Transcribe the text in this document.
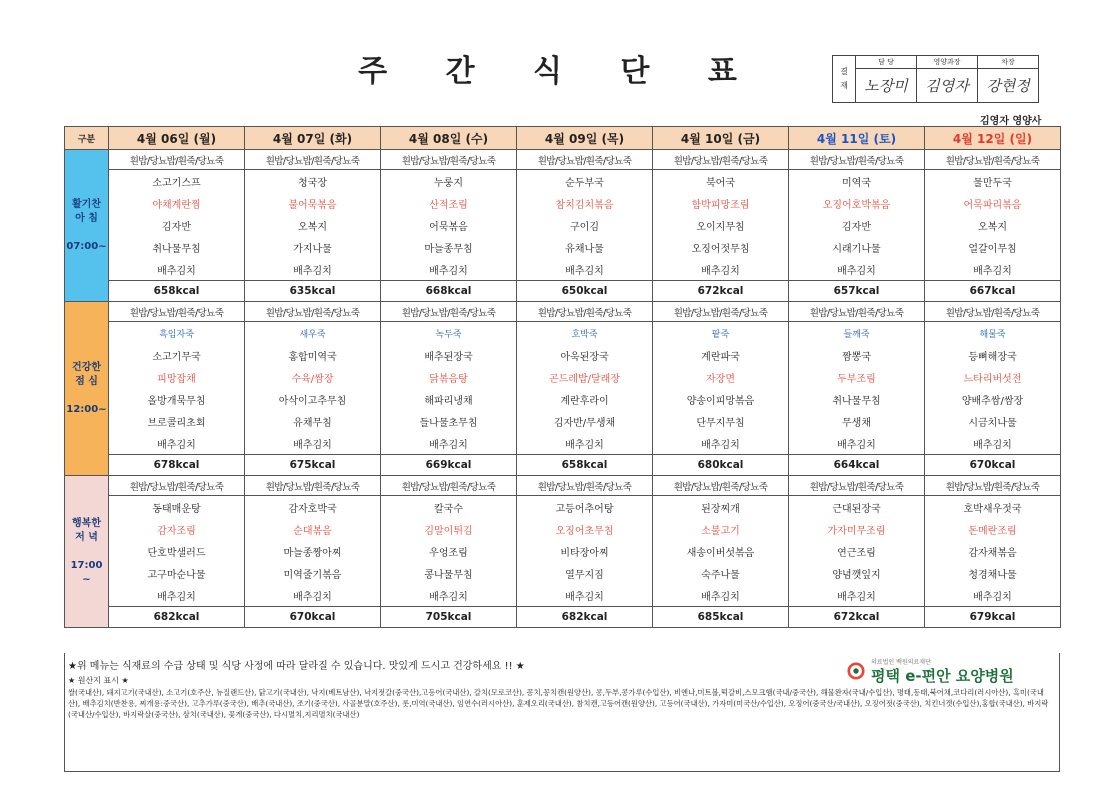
주 간 식 단 표	결
재	담 당	영양과장	차장
	노장미	김영자	강현정
김영자 영양사
구분	4월 06일 (월)	4월 07일 (화)	4월 08일 (수)	4월 09일 (목)	4월 10일 (금)	4월 11일 (토)	4월 12일 (일)

활기찬
아 침
07:00~	흰밥/당뇨밥/흰죽/당뇨죽	흰밥/당뇨밥/흰죽/당뇨죽	흰밥/당뇨밥/흰죽/당뇨죽	흰밥/당뇨밥/흰죽/당뇨죽	흰밥/당뇨밥/흰죽/당뇨죽	흰밥/당뇨밥/흰죽/당뇨죽	흰밥/당뇨밥/흰죽/당뇨죽
	소고기스프	청국장	누룽지	순두부국	북어국	미역국	물만두국
	야채계란찜	불어묵볶음	산적조림	참치김치볶음	함박피망조림	오징어호박볶음	어묵파리볶음
	김자반	오복지	어묵볶음	구이김	오이지무침	김자반	오복지
	취나물무침	가지나물	마늘종무침	유채나물	오징어젓무침	시래기나물	얼갈이무침
	배추김치	배추김치	배추김치	배추김치	배추김치	배추김치	배추김치
	658kcal	635kcal	668kcal	650kcal	672kcal	657kcal	667kcal

건강한
점 심
12:00~	흰밥/당뇨밥/흰죽/당뇨죽	흰밥/당뇨밥/흰죽/당뇨죽	흰밥/당뇨밥/흰죽/당뇨죽	흰밥/당뇨밥/흰죽/당뇨죽	흰밥/당뇨밥/흰죽/당뇨죽	흰밥/당뇨밥/흰죽/당뇨죽	흰밥/당뇨밥/흰죽/당뇨죽
	흑임자죽	새우죽	녹두죽	호박죽	팥죽	들깨죽	해물죽
	소고기무국	홍합미역국	배추된장국	아욱된장국	계란파국	짬뽕국	등뼈해장국
	피망잡채	수육/쌈장	닭볶음탕	곤드레밥/달래장	자장면	두부조림	느타리버섯전
	올방개묵무침	아삭이고추무침	해파리냉채	계란후라이	양송이피망볶음	취나물무침	양배추쌈/쌈장
	브로콜리초회	유채무침	들나물초무침	김자반/무생채	단무지무침	무생채	시금치나물
	배추김치	배추김치	배추김치	배추김치	배추김치	배추김치	배추김치
	678kcal	675kcal	669kcal	658kcal	680kcal	664kcal	670kcal

행복한
저 녁
17:00
~	흰밥/당뇨밥/흰죽/당뇨죽	흰밥/당뇨밥/흰죽/당뇨죽	흰밥/당뇨밥/흰죽/당뇨죽	흰밥/당뇨밥/흰죽/당뇨죽	흰밥/당뇨밥/흰죽/당뇨죽	흰밥/당뇨밥/흰죽/당뇨죽	흰밥/당뇨밥/흰죽/당뇨죽
	동태매운탕	감자호박국	칼국수	고등어추어탕	된장찌개	근대된장국	호박새우젓국
	감자조림	순대볶음	김말이튀김	오징어초무침	소불고기	가자미무조림	돈메란조림
	단호박샐러드	마늘종짱아찌	우엉조림	비타장아찌	새송이버섯볶음	연근조림	감자채볶음
	고구마순나물	미역줄기볶음	콩나물무침	열무지짐	숙주나물	양념깻잎지	청경채나물
	배추김치	배추김치	배추김치	배추김치	배추김치	배추김치	배추김치
	682kcal	670kcal	705kcal	682kcal	685kcal	672kcal	679kcal
★위 메뉴는 식재료의 수급 상태 및 식당 사정에 따라 달라질 수 있습니다. 맛있게 드시고 건강하세요 !! ★
★ 원산지 표시 ★
쌀(국내산), 돼지고기(국내산), 소고기(호주산, 뉴질랜드산), 닭고기(국내산), 낙지(베트남산), 낙지젓갈(중국산),고등어(국내산), 갈치(모로코산), 꽁치,꽁치캔(원양산), 콩,두부,콩가루(수입산), 비엔나,미트볼,떡갈비,스모크햄(국내/중국산), 해물완자(국내/수입산), 명태,동태,북어채,코다리(러시아산), 흑미(국내산), 배추김치(반찬용, 찌개용:중국산), 고추가루(중국산), 배추(국내산), 조기(중국산), 사골분말(호주산), 롯,미역(국내산), 임연수(러시아산), 훈제오리(국내산), 참치캔,고등어캔(원양산), 고등어(국내산), 가자미(미국산/수입산), 오징어(중국산/국내산), 오징어젓(중국산), 치킨너겟(수입산),홍합(국내산), 바지락(국내산/수입산), 바지락살(중국산), 삼치(국내산), 꽃게(중국산), 다시멸치,지리멸치(국내산)
의료법인 백원의료재단
평택 e-편안 요양병원
